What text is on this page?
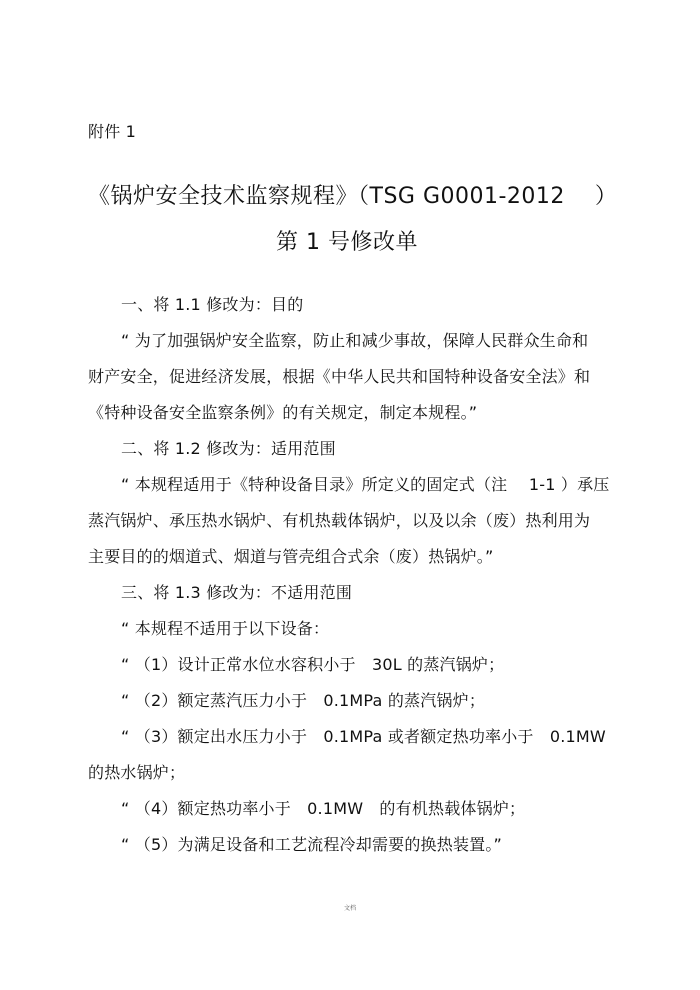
附件 1
《锅炉安全技术监察规程》（TSG G0001-2012 　）
第 1 号修改单
一、将 1.1 修改为：目的
“ 为了加强锅炉安全监察，防止和减少事故，保障人民群众生命和
财产安全，促进经济发展，根据《中华人民共和国特种设备安全法》和
《特种设备安全监察条例》的有关规定，制定本规程。”
二、将 1.2 修改为：适用范围
“ 本规程适用于《特种设备目录》所定义的固定式（注　 1-1 ）承压
蒸汽锅炉、承压热水锅炉、有机热载体锅炉，以及以余（废）热利用为
主要目的的烟道式、烟道与管壳组合式余（废）热锅炉。”
三、将 1.3 修改为：不适用范围
“ 本规程不适用于以下设备：
“ （1）设计正常水位水容积小于　30L 的蒸汽锅炉；
“ （2）额定蒸汽压力小于　0.1MPa 的蒸汽锅炉；
“ （3）额定出水压力小于　0.1MPa 或者额定热功率小于　0.1MW
的热水锅炉；
“ （4）额定热功率小于　0.1MW　的有机热载体锅炉；
“ （5）为满足设备和工艺流程冷却需要的换热装置。”
文档
